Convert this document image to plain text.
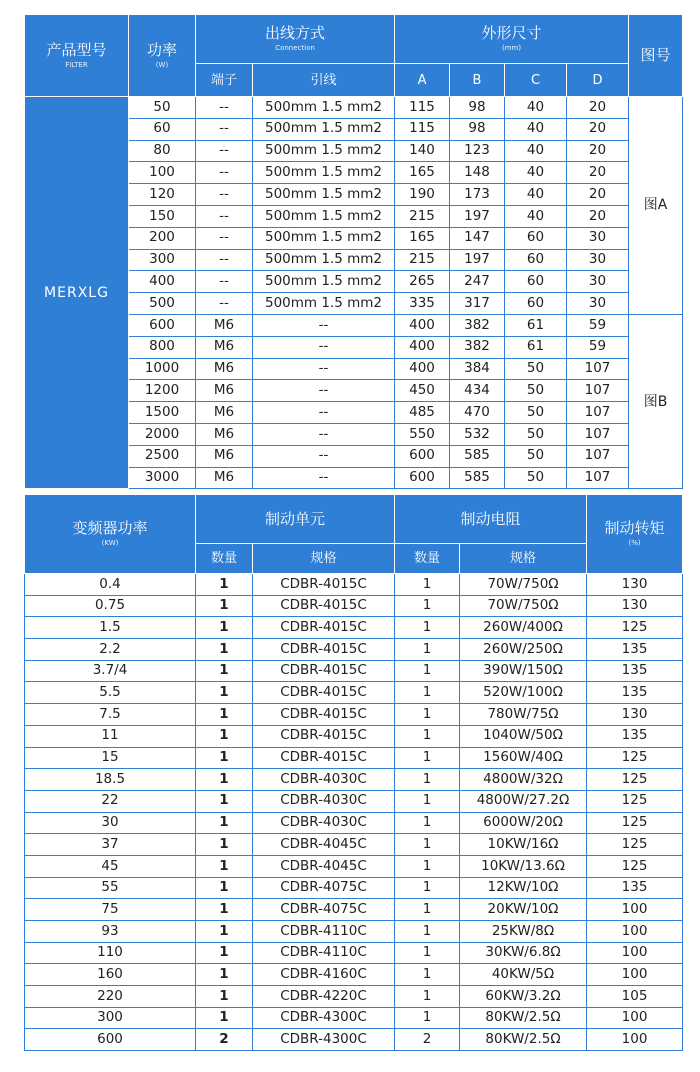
产品型号
FILTER	功率
(W)	出线方式
Connection		外形尺寸
(mm)				图号

		端子	引线	A	B	C	D	
MERXLG	50	--	500mm 1.5 mm2	115	98	40	20	图A
	60	--	500mm 1.5 mm2	115	98	40	20	
	80	--	500mm 1.5 mm2	140	123	40	20	
	100	--	500mm 1.5 mm2	165	148	40	20	
	120	--	500mm 1.5 mm2	190	173	40	20	
	150	--	500mm 1.5 mm2	215	197	40	20	
	200	--	500mm 1.5 mm2	165	147	60	30	
	300	--	500mm 1.5 mm2	215	197	60	30	
	400	--	500mm 1.5 mm2	265	247	60	30	
	500	--	500mm 1.5 mm2	335	317	60	30	
	600	M6	--	400	382	61	59	图B
	800	M6	--	400	382	61	59	
	1000	M6	--	400	384	50	107	
	1200	M6	--	450	434	50	107	
	1500	M6	--	485	470	50	107	
	2000	M6	--	550	532	50	107	
	2500	M6	--	600	585	50	107	
	3000	M6	--	600	585	50	107	
变频器功率
(KW)	制动单元		制动电阻		制动转矩
(%)

	数量	规格	数量	规格	
0.4	1	CDBR-4015C	1	70W/750Ω	130
0.75	1	CDBR-4015C	1	70W/750Ω	130
1.5	1	CDBR-4015C	1	260W/400Ω	125
2.2	1	CDBR-4015C	1	260W/250Ω	135
3.7/4	1	CDBR-4015C	1	390W/150Ω	135
5.5	1	CDBR-4015C	1	520W/100Ω	135
7.5	1	CDBR-4015C	1	780W/75Ω	130
11	1	CDBR-4015C	1	1040W/50Ω	135
15	1	CDBR-4015C	1	1560W/40Ω	125
18.5	1	CDBR-4030C	1	4800W/32Ω	125
22	1	CDBR-4030C	1	4800W/27.2Ω	125
30	1	CDBR-4030C	1	6000W/20Ω	125
37	1	CDBR-4045C	1	10KW/16Ω	125
45	1	CDBR-4045C	1	10KW/13.6Ω	125
55	1	CDBR-4075C	1	12KW/10Ω	135
75	1	CDBR-4075C	1	20KW/10Ω	100
93	1	CDBR-4110C	1	25KW/8Ω	100
110	1	CDBR-4110C	1	30KW/6.8Ω	100
160	1	CDBR-4160C	1	40KW/5Ω	100
220	1	CDBR-4220C	1	60KW/3.2Ω	105
300	1	CDBR-4300C	1	80KW/2.5Ω	100
600	2	CDBR-4300C	2	80KW/2.5Ω	100
